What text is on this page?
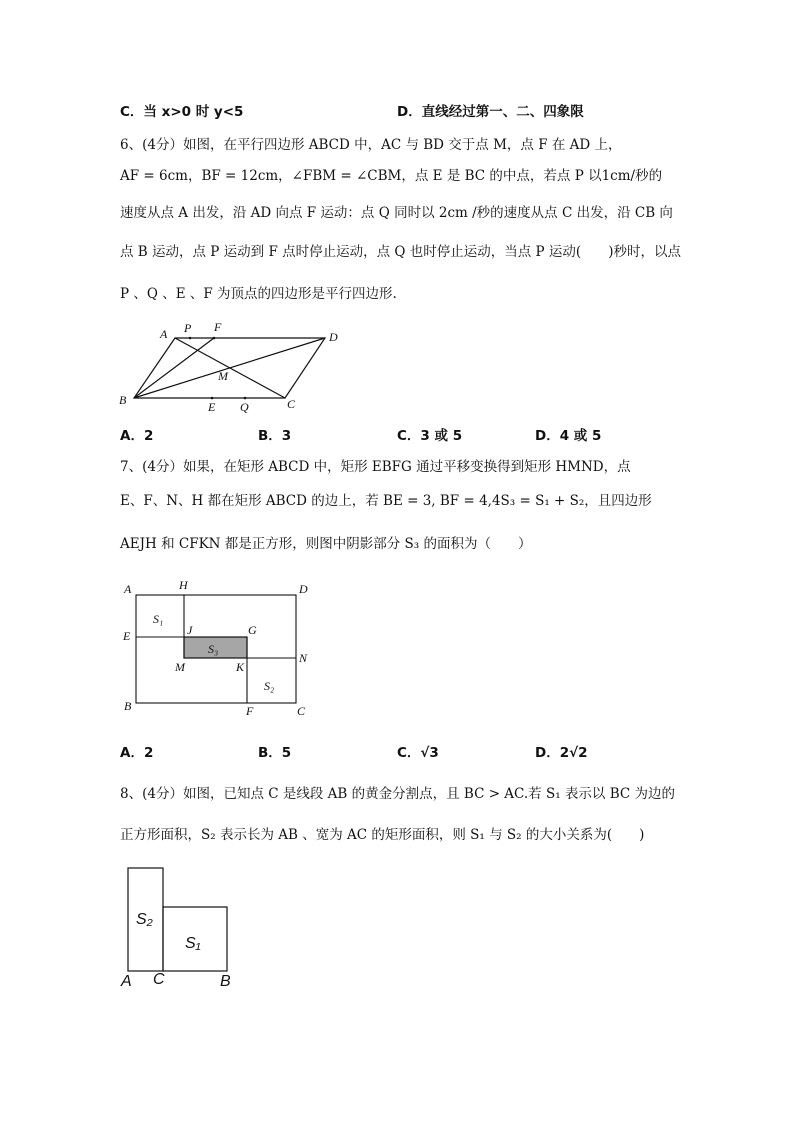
C．当 x>0 时 y<5	D．直线经过第一、二、四象限
6、(4分）如图，在平行四边形 ABCD 中，AC 与 BD 交于点 M，点 F 在 AD 上，
AF = 6cm，BF = 12cm，∠FBM = ∠CBM，点 E 是 BC 的中点，若点 P 以1cm/秒的
速度从点 A 出发，沿 AD 向点 F 运动：点 Q 同时以 2cm /秒的速度从点 C 出发，沿 CB 向
点 B 运动，点 P 运动到 F 点时停止运动，点 Q 也时停止运动，当点 P 运动(　　)秒时，以点
P 、Q 、E 、F 为顶点的四边形是平行四边形.
A P F
D
M
B	E Q	C
A．2	B．3	C．3 或 5	D．4 或 5
7、(4分）如果，在矩形 ABCD 中，矩形 EBFG 通过平移变换得到矩形 HMND，点
E、F、N、H 都在矩形 ABCD 的边上，若 BE = 3, BF = 4,4S₃ = S₁ + S₂，且四边形
AEJH 和 CFKN 都是正方形，则图中阴影部分 S₃ 的面积为（　　）
A	H	D
S₁
E	J	G
S₃
N
M	K
S₂
B	F	C
A．2	B．5	C．√3	D．2√2
8、(4分）如图，已知点 C 是线段 AB 的黄金分割点，且 BC > AC.若 S₁ 表示以 BC 为边的
正方形面积，S₂ 表示长为 AB 、宽为 AC 的矩形面积，则 S₁ 与 S₂ 的大小关系为(　　)
S₂
S₁
A C	B
